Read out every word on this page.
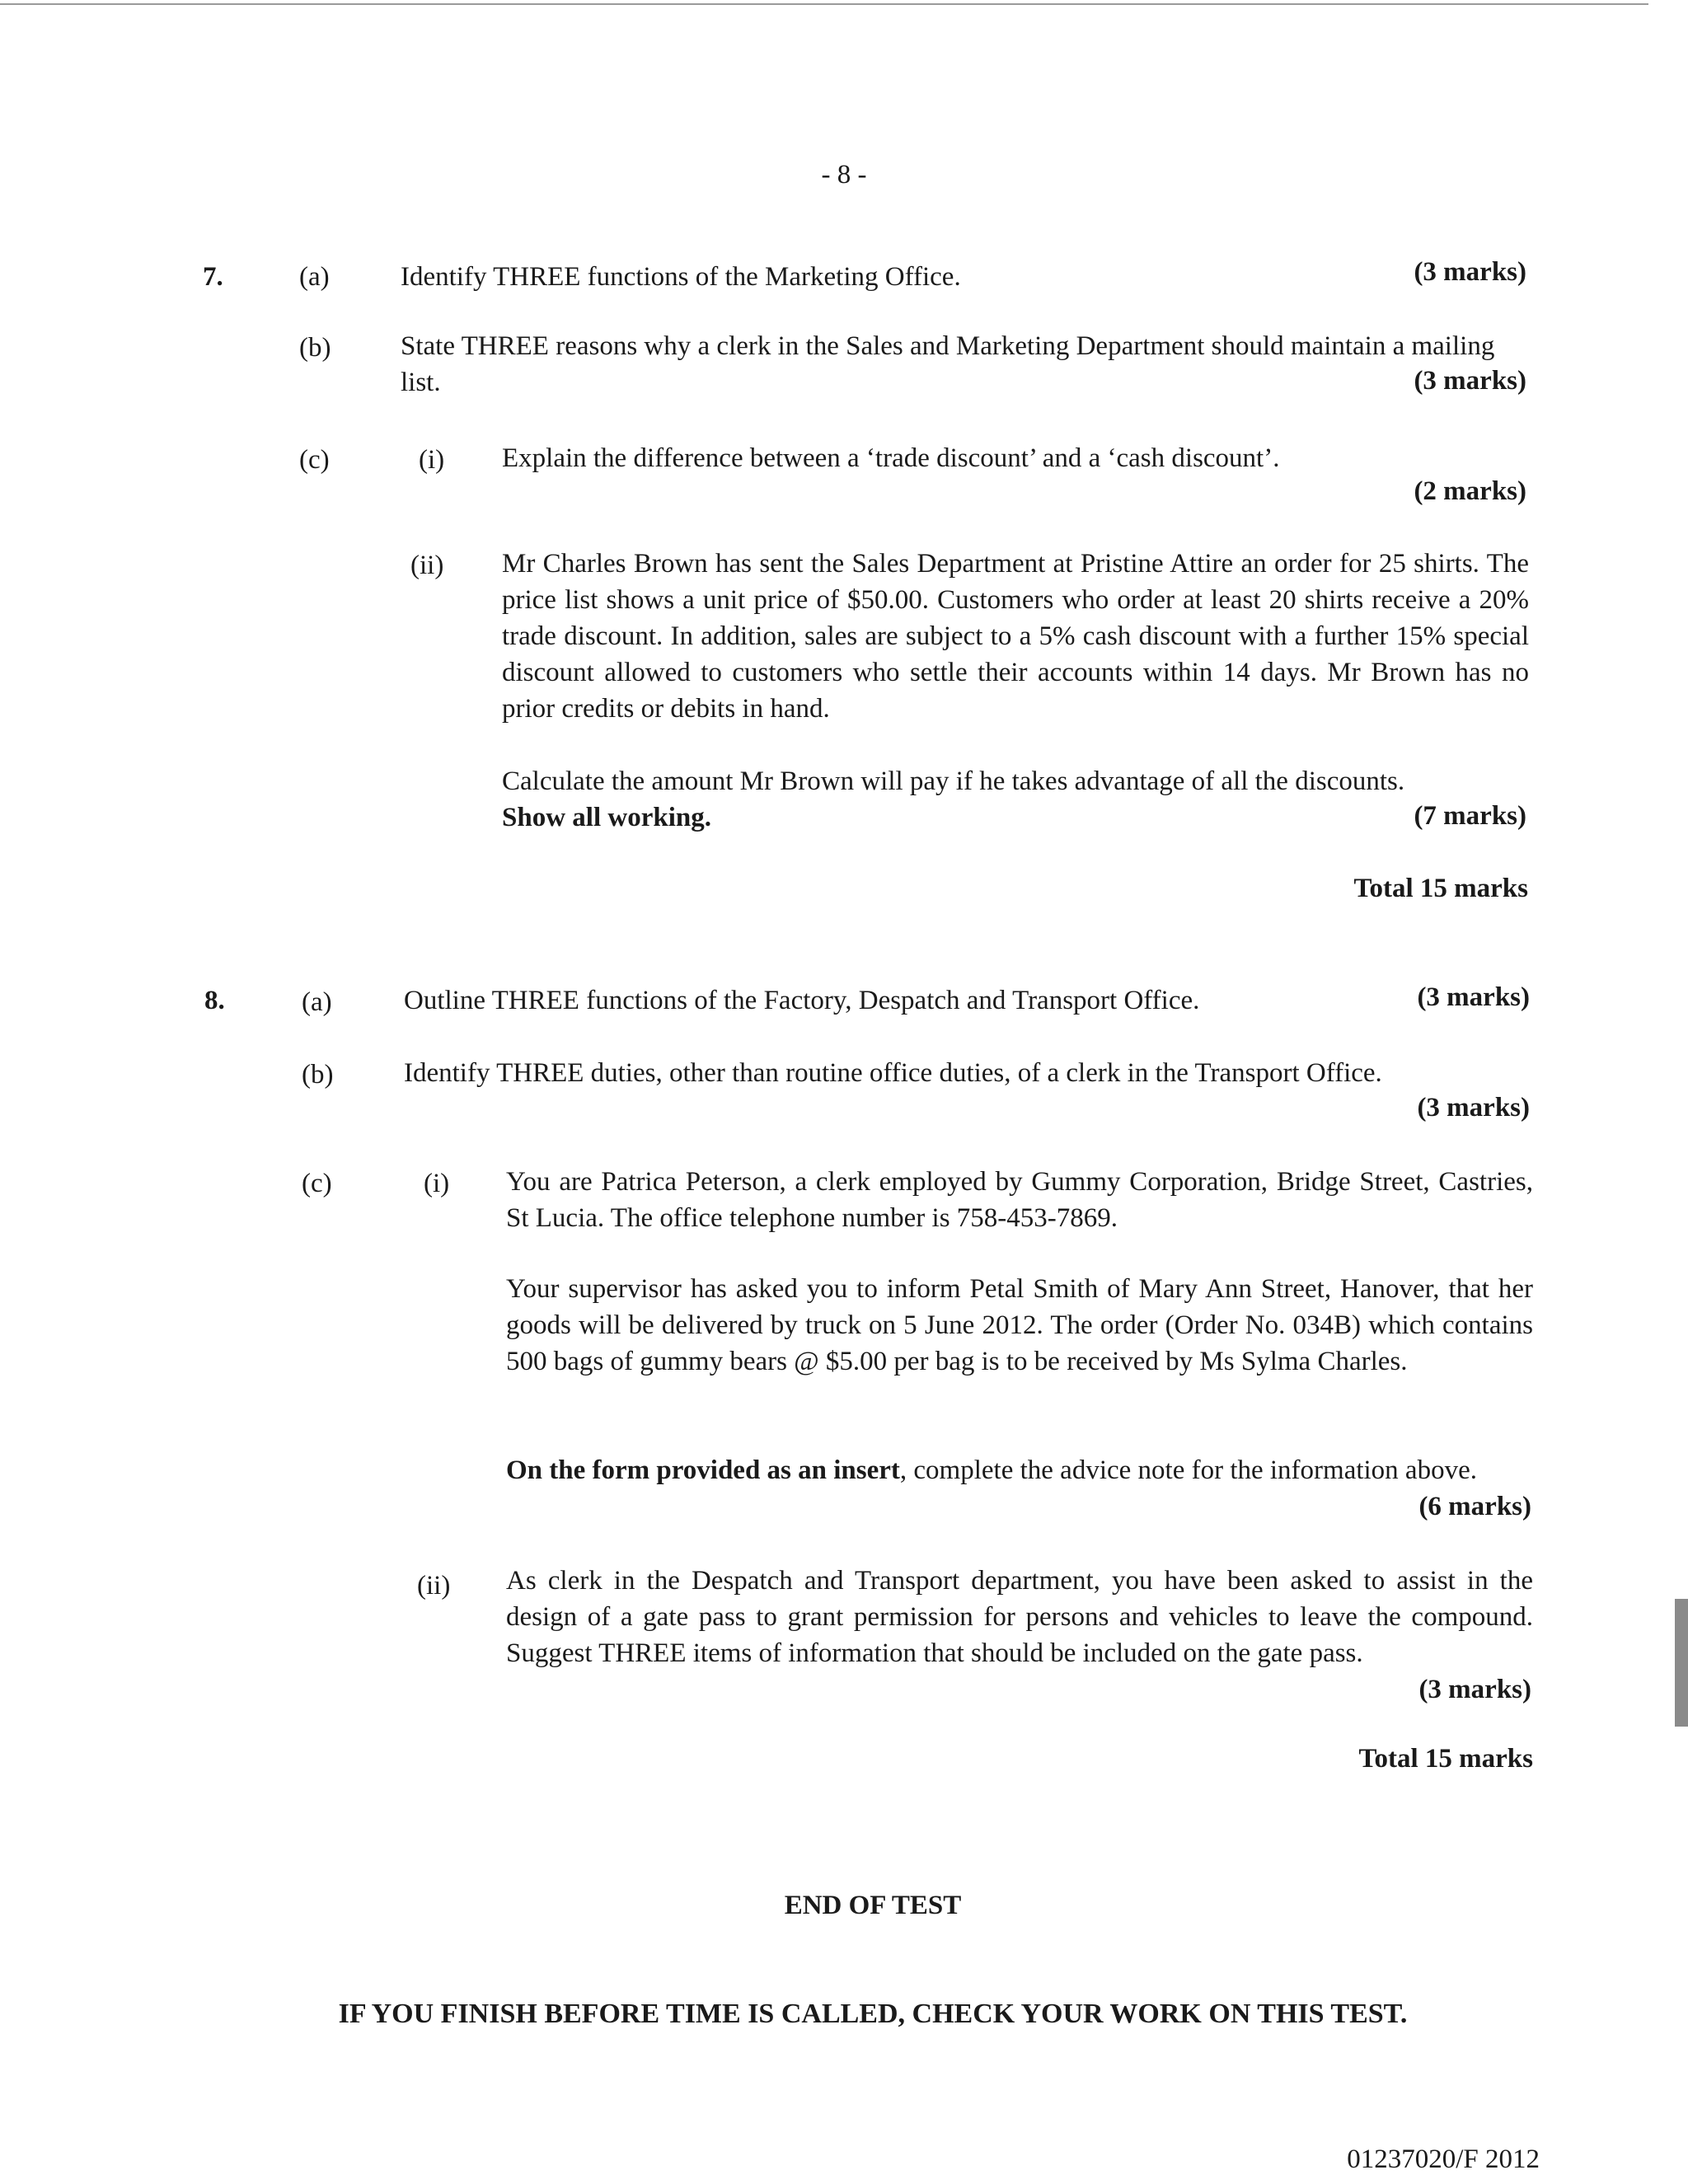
- 8 -
7.	(a)	Identify THREE functions of the Marketing Office.	(3 marks)
(b)	State THREE reasons why a clerk in the Sales and Marketing Department should maintain a mailing list.	(3 marks)
(c)	(i) Explain the difference between a ‘trade discount’ and a ‘cash discount’.
(2 marks)
(ii) Mr Charles Brown has sent the Sales Department at Pristine Attire an order for 25 shirts. The price list shows a unit price of $50.00. Customers who order at least 20 shirts receive a 20% trade discount. In addition, sales are subject to a 5% cash discount with a further 15% special discount allowed to customers who settle their accounts within 14 days. Mr Brown has no prior credits or debits in hand.
Calculate the amount Mr Brown will pay if he takes advantage of all the discounts.
Show all working.	(7 marks)
Total 15 marks
8.	(a)	Outline THREE functions of the Factory, Despatch and Transport Office.	(3 marks)
(b)	Identify THREE duties, other than routine office duties, of a clerk in the Transport Office.
(3 marks)
(c)	(i) You are Patrica Peterson, a clerk employed by Gummy Corporation, Bridge Street, Castries, St Lucia. The office telephone number is 758-453-7869.
Your supervisor has asked you to inform Petal Smith of Mary Ann Street, Hanover, that her goods will be delivered by truck on 5 June 2012. The order (Order No. 034B) which contains 500 bags of gummy bears @ $5.00 per bag is to be received by Ms Sylma Charles.
On the form provided as an insert, complete the advice note for the information above.
(6 marks)
(ii) As clerk in the Despatch and Transport department, you have been asked to assist in the design of a gate pass to grant permission for persons and vehicles to leave the compound. Suggest THREE items of information that should be included on the gate pass.
(3 marks)
Total 15 marks
END OF TEST
IF YOU FINISH BEFORE TIME IS CALLED, CHECK YOUR WORK ON THIS TEST.
01237020/F 2012
